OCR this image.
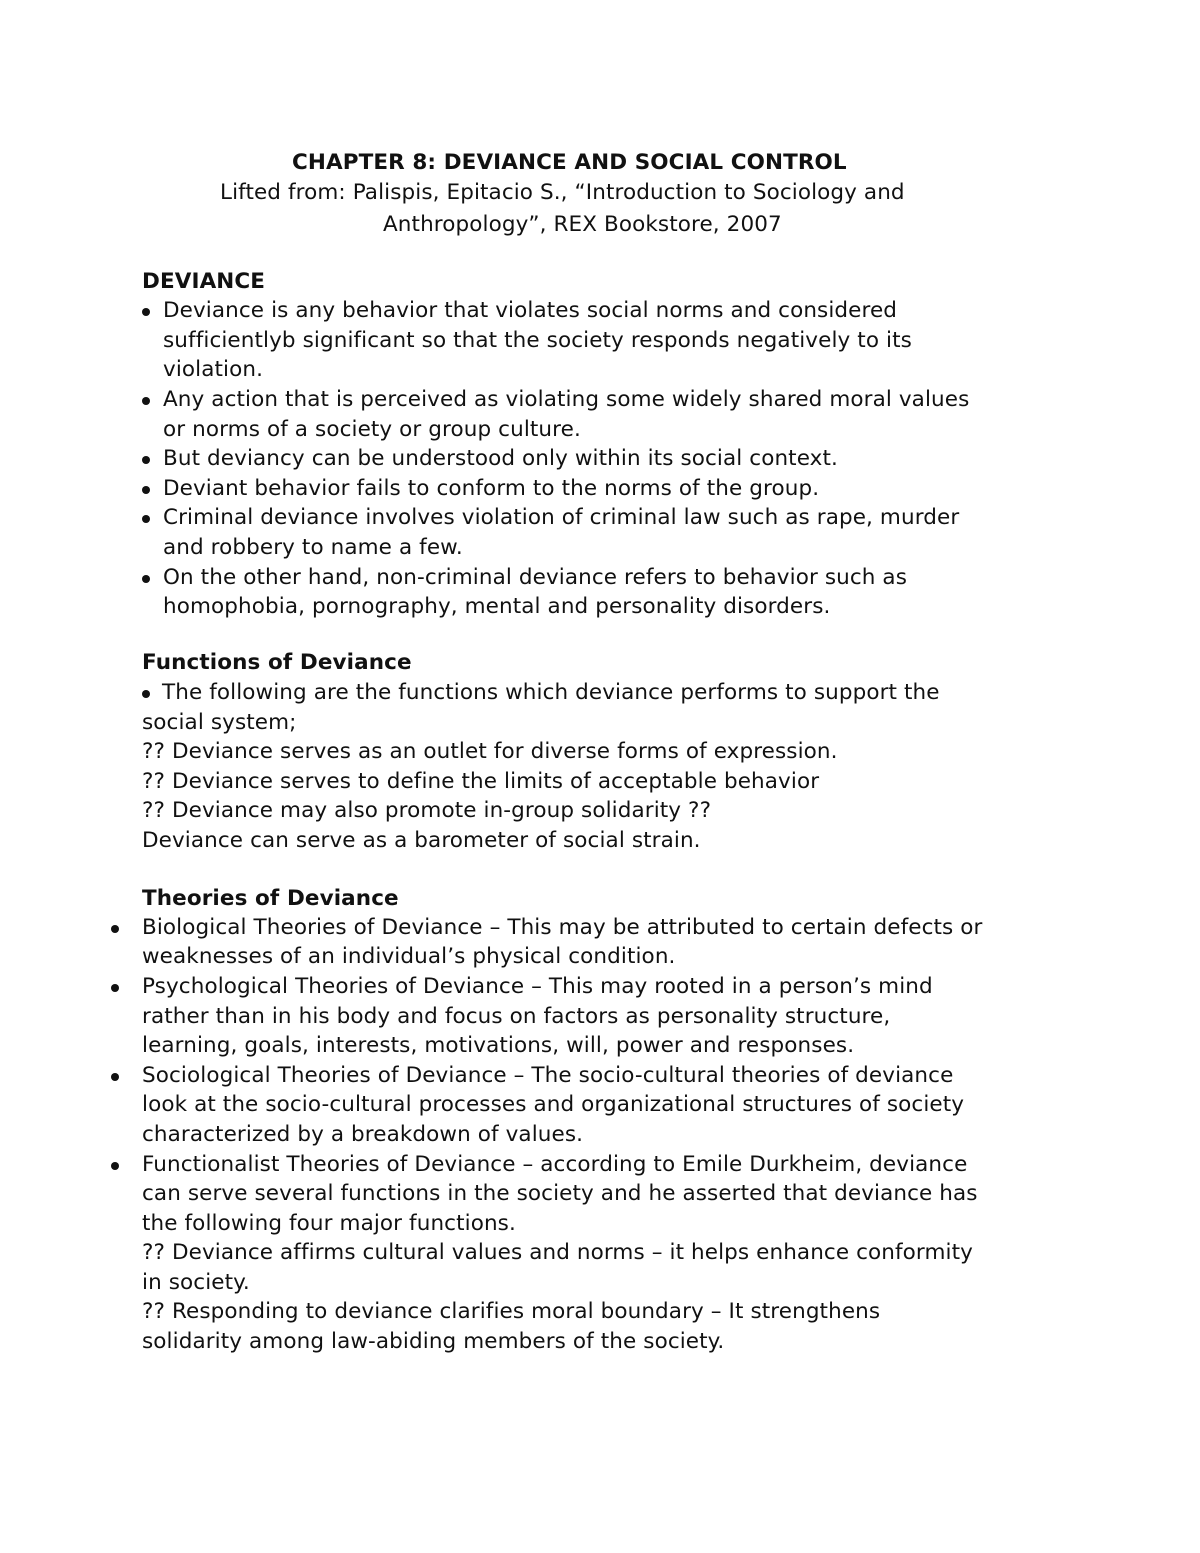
CHAPTER 8: DEVIANCE AND SOCIAL CONTROL
Lifted from: Palispis, Epitacio S., “Introduction to Sociology and
Anthropology”, REX Bookstore, 2007
DEVIANCE
Deviance is any behavior that violates social norms and considered
sufficientlyb significant so that the society responds negatively to its
violation.
Any action that is perceived as violating some widely shared moral values
or norms of a society or group culture.
But deviancy can be understood only within its social context.
Deviant behavior fails to conform to the norms of the group.
Criminal deviance involves violation of criminal law such as rape, murder
and robbery to name a few.
On the other hand, non-criminal deviance refers to behavior such as
homophobia, pornography, mental and personality disorders.
Functions of Deviance
The following are the functions which deviance performs to support the
social system;
?? Deviance serves as an outlet for diverse forms of expression.
?? Deviance serves to define the limits of acceptable behavior
?? Deviance may also promote in-group solidarity ??
Deviance can serve as a barometer of social strain.
Theories of Deviance
Biological Theories of Deviance – This may be attributed to certain defects or
weaknesses of an individual’s physical condition.
Psychological Theories of Deviance – This may rooted in a person’s mind
rather than in his body and focus on factors as personality structure,
learning, goals, interests, motivations, will, power and responses.
Sociological Theories of Deviance – The socio-cultural theories of deviance
look at the socio-cultural processes and organizational structures of society
characterized by a breakdown of values.
Functionalist Theories of Deviance – according to Emile Durkheim, deviance
can serve several functions in the society and he asserted that deviance has
the following four major functions.
?? Deviance affirms cultural values and norms – it helps enhance conformity
in society.
?? Responding to deviance clarifies moral boundary – It strengthens
solidarity among law-abiding members of the society.
